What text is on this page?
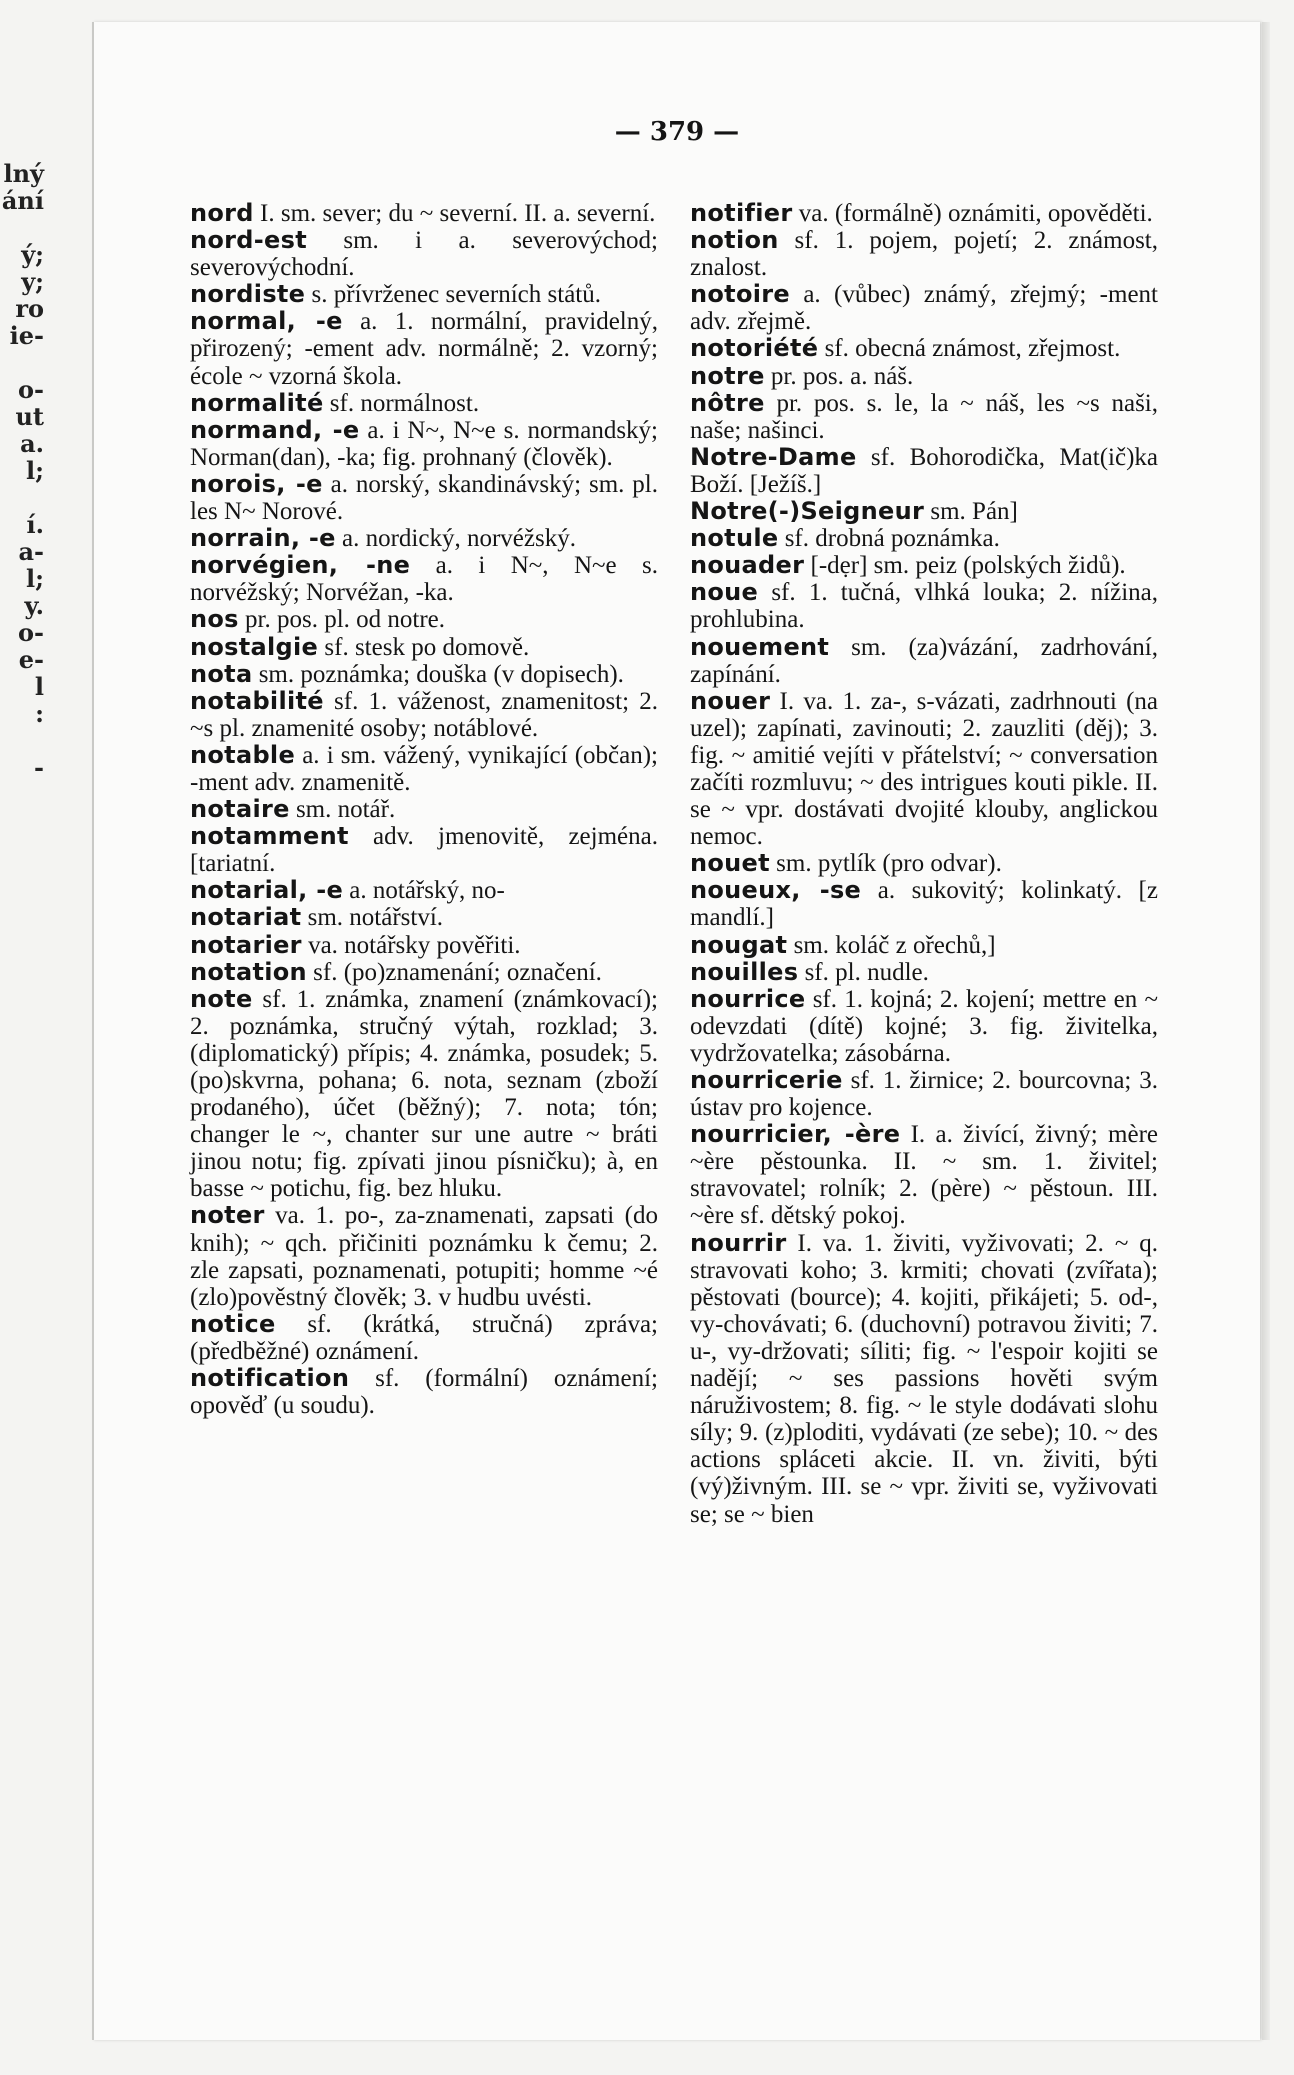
lný
ání

ý;
y;
ro
ie-

o-
ut
a.
l;

í.
a-
l;
y.
o-
e-
l
:

-
— 379 —
nord I. sm. sever; du ~ severní. II. a. severní.
nord-est sm. i a. severovýchod; severovýchodní.
nordiste s. přívrženec severních států.
normal, -e a. 1. normální, pravidelný, přirozený; -ement adv. normálně; 2. vzorný; école ~ vzorná škola.
normalité sf. normálnost.
normand, -e a. i N~, N~e s. normandský; Norman(dan), -ka; fig. prohnaný (člověk).
norois, -e a. norský, skandinávský; sm. pl. les N~ Norové.
norrain, -e a. nordický, norvéžský.
norvégien, -ne a. i N~, N~e s. norvéžský; Norvéžan, -ka.
nos pr. pos. pl. od notre.
nostalgie sf. stesk po domově.
nota sm. poznámka; douška (v dopisech).
notabilité sf. 1. váženost, znamenitost; 2. ~s pl. znamenité osoby; notáblové.
notable a. i sm. vážený, vynikající (občan); -ment adv. znamenitě.
notaire sm. notář.
notamment adv. jmenovitě, zejména. [tariatní.
notarial, -e a. notářský, no-
notariat sm. notářství.
notarier va. notářsky pověřiti.
notation sf. (po)znamenání; označení.
note sf. 1. známka, znamení (známkovací); 2. poznámka, stručný výtah, rozklad; 3. (diplomatický) přípis; 4. známka, posudek; 5. (po)skvrna, pohana; 6. nota, seznam (zboží prodaného), účet (běžný); 7. nota; tón; changer le ~, chanter sur une autre ~ bráti jinou notu; fig. zpívati jinou písničku); à, en basse ~ potichu, fig. bez hluku.
noter va. 1. po-, za-znamenati, zapsati (do knih); ~ qch. přičiniti poznámku k čemu; 2. zle zapsati, poznamenati, potupiti; homme ~é (zlo)pověstný člověk; 3. v hudbu uvésti.
notice sf. (krátká, stručná) zpráva; (předběžné) oznámení.
notification sf. (formální) oznámení; opověď (u soudu).
notifier va. (formálně) oznámiti, opověděti.
notion sf. 1. pojem, pojetí; 2. známost, znalost.
notoire a. (vůbec) známý, zřejmý; -ment adv. zřejmě.
notoriété sf. obecná známost, zřejmost.
notre pr. pos. a. náš.
nôtre pr. pos. s. le, la ~ náš, les ~s naši, naše; našinci.
Notre-Dame sf. Bohorodička, Mat(ič)ka Boží. [Ježíš.]
Notre(-)Seigneur sm. Pán]
notule sf. drobná poznámka.
nouader [-dẹr] sm. peiz (polských židů).
noue sf. 1. tučná, vlhká louka; 2. nížina, prohlubina.
nouement sm. (za)vázání, zadrhování, zapínání.
nouer I. va. 1. za-, s-vázati, zadrhnouti (na uzel); zapínati, zavinouti; 2. zauzliti (děj); 3. fig. ~ amitié vejíti v přátelství; ~ conversation začíti rozmluvu; ~ des intrigues kouti pikle. II. se ~ vpr. dostávati dvojité klouby, anglickou nemoc.
nouet sm. pytlík (pro odvar).
noueux, -se a. sukovitý; kolinkatý. [z mandlí.]
nougat sm. koláč z ořechů,]
nouilles sf. pl. nudle.
nourrice sf. 1. kojná; 2. kojení; mettre en ~ odevzdati (dítě) kojné; 3. fig. živitelka, vydržovatelka; zásobárna.
nourricerie sf. 1. žirnice; 2. bourcovna; 3. ústav pro kojence.
nourricier, -ère I. a. živící, živný; mère ~ère pěstounka. II. ~ sm. 1. živitel; stravovatel; rolník; 2. (père) ~ pěstoun. III. ~ère sf. dětský pokoj.
nourrir I. va. 1. živiti, vyživovati; 2. ~ q. stravovati koho; 3. krmiti; chovati (zvířata); pěstovati (bource); 4. kojiti, přikájeti; 5. od-, vy-chovávati; 6. (duchovní) potravou živiti; 7. u-, vy-držovati; síliti; fig. ~ l'espoir kojiti se nadějí; ~ ses passions hověti svým náruživostem; 8. fig. ~ le style dodávati slohu síly; 9. (z)ploditi, vydávati (ze sebe); 10. ~ des actions spláceti akcie. II. vn. živiti, býti (vý)živným. III. se ~ vpr. živiti se, vyživovati se; se ~ bien
